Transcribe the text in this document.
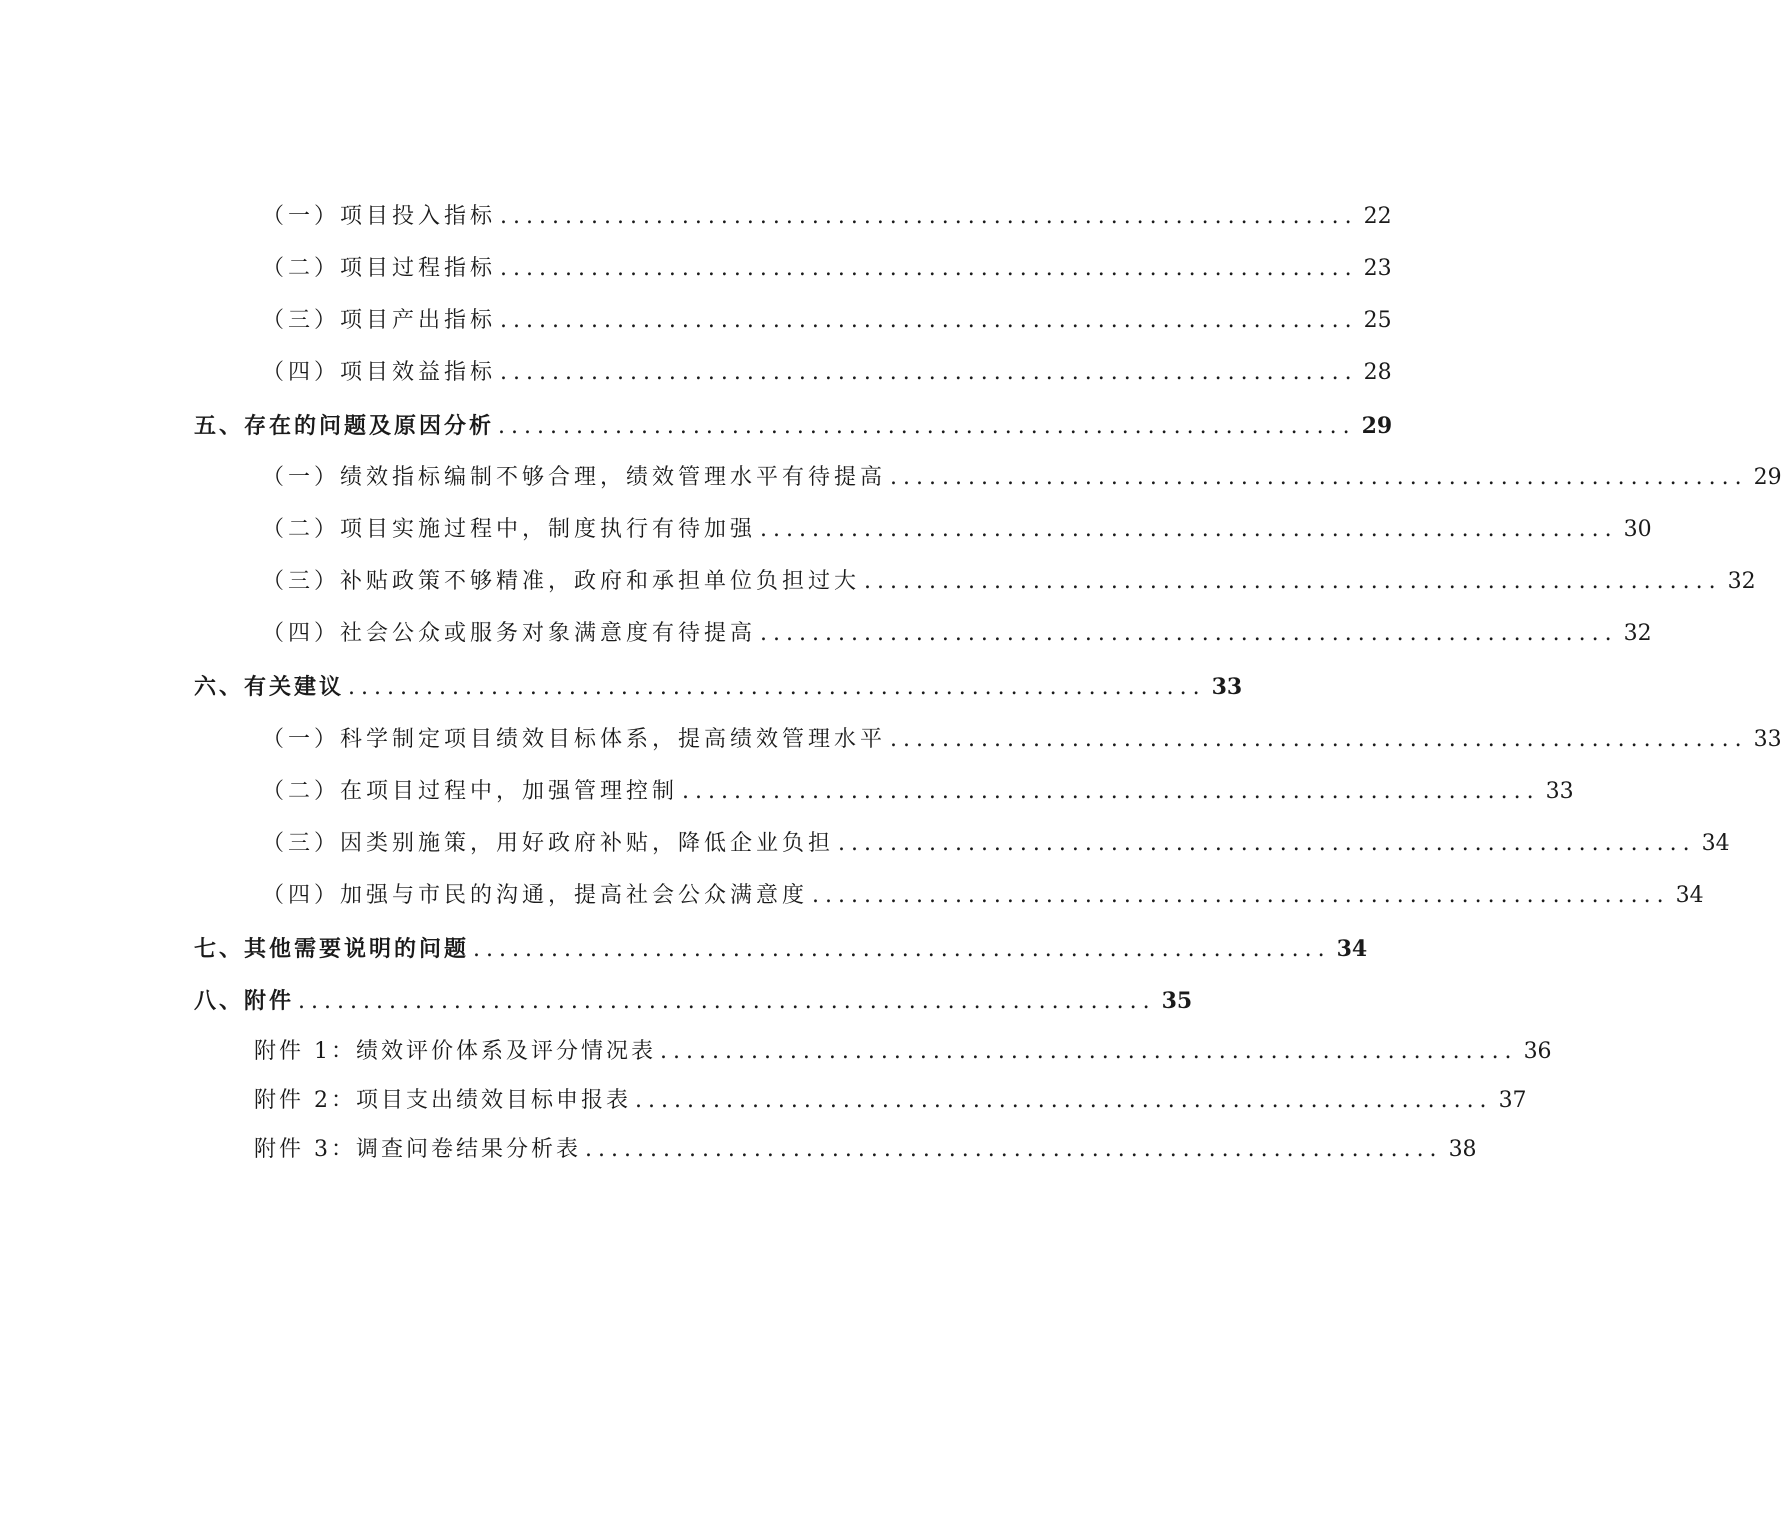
（一）项目投入指标 .................................................................. 22
（二）项目过程指标 .................................................................. 23
（三）项目产出指标 .................................................................. 25
（四）项目效益指标 .................................................................. 28
五、存在的问题及原因分析 .................................................................. 29
（一）绩效指标编制不够合理，绩效管理水平有待提高 .................................................................. 29
（二）项目实施过程中，制度执行有待加强 .................................................................. 30
（三）补贴政策不够精准，政府和承担单位负担过大 .................................................................. 32
（四）社会公众或服务对象满意度有待提高 .................................................................. 32
六、有关建议 .................................................................. 33
（一）科学制定项目绩效目标体系，提高绩效管理水平 .................................................................. 33
（二）在项目过程中，加强管理控制 .................................................................. 33
（三）因类别施策，用好政府补贴，降低企业负担 .................................................................. 34
（四）加强与市民的沟通，提高社会公众满意度 .................................................................. 34
七、其他需要说明的问题 .................................................................. 34
八、附件 .................................................................. 35
附件 1：绩效评价体系及评分情况表 .................................................................. 36
附件 2：项目支出绩效目标申报表 .................................................................. 37
附件 3：调查问卷结果分析表 .................................................................. 38
